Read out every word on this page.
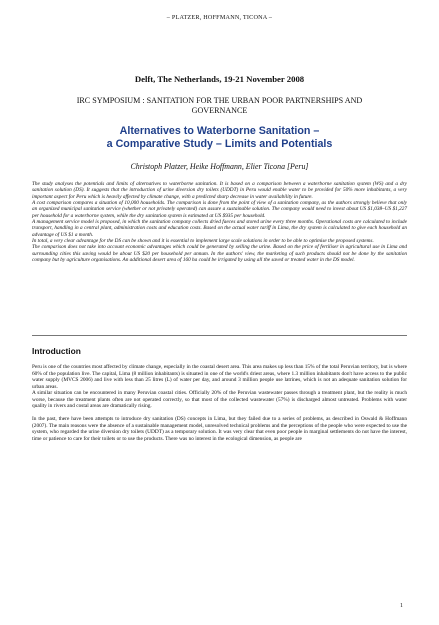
– PLATZER, HOFFMANN, TICONA –
Delft, The Netherlands, 19-21 November 2008
IRC SYMPOSIUM : SANITATION FOR THE URBAN POOR PARTNERSHIPS AND GOVERNANCE
Alternatives to Waterborne Sanitation –
a Comparative Study – Limits and Potentials
Christoph Platzer, Heike Hoffmann, Elier Ticona [Peru]

The study analyses the potentials and limits of alternatives to waterborne sanitation. It is based on a comparison between a waterborne sanitation system (WS) and a dry sanitation solution (DS). It suggests that the introduction of urine diversion dry toilets (UDDT) in Peru would enable water to be provided for 50% more inhabitants, a very important aspect for Peru which is heavily affected by climate change, with a predicted sharp decrease in water availability in future.

A cost comparison compares a situation of 10,000 households. The comparison is done from the point of view of a sanitation company, as the authors strongly believe that only an organized municipal sanitation service (whether or not privately operated) can assure a sustainable solution. The company would need to invest about US $1,038–US $1,227 per household for a waterborne system, while the dry sanitation system is estimated at US $935 per household.

A management service model is proposed, in which the sanitation company collects dried faeces and stored urine every three months. Operational costs are calculated to include transport, handling in a central plant, administration costs and education costs. Based on the actual water tariff in Lima, the dry system is calculated to give each household an advantage of US $1 a month.

In total, a very clear advantage for the DS can be shown and it is essential to implement large scale solutions in order to be able to optimise the proposed systems.

The comparison does not take into account economic advantages which could be generated by selling the urine. Based on the price of fertiliser in agricultural use in Lima and surrounding cities this saving would be about US $20 per household per annum. In the authors' view, the marketing of such products should not be done by the sanitation company but by agriculture organisations. An additional desert area of 160 ha could be irrigated by using all the saved or treated water in the DS model.

Introduction

Peru is one of the countries most affected by climate change, especially in the coastal desert area. This area makes up less than 15% of the total Peruvian territory, but is where 60% of the population live. The capital, Lima (8 million inhabitants) is situated in one of the world's driest areas, where 1.3 million inhabitants don't have access to the public water supply (MVCS 2006) and live with less than 25 litres (L) of water per day, and around 3 million people use latrines, which is not an adequate sanitation solution for urban areas.

A similar situation can be encountered in many Peruvian coastal cities. Officially 20% of the Peruvian wastewater passes through a treatment plant, but the reality is much worse, because the treatment plants often are not operated correctly, so that most of the collected wastewater (57%) is discharged almost untreated. Problems with water quality in rivers and costal areas are dramatically rising.

In the past, there have been attempts to introduce dry sanitation (DS) concepts in Lima, but they failed due to a series of problems, as described in Oswald & Hoffmann (2007). The main reasons were the absence of a sustainable management model, unresolved technical problems and the perceptions of the people who were expected to use the system, who regarded the urine diversion dry toilets (UDDT) as a temporary solution. It was very clear that even poor people in marginal settlements do not have the interest, time or patience to care for their toilets or to use the products. There was no interest in the ecological dimension, as people are

1
